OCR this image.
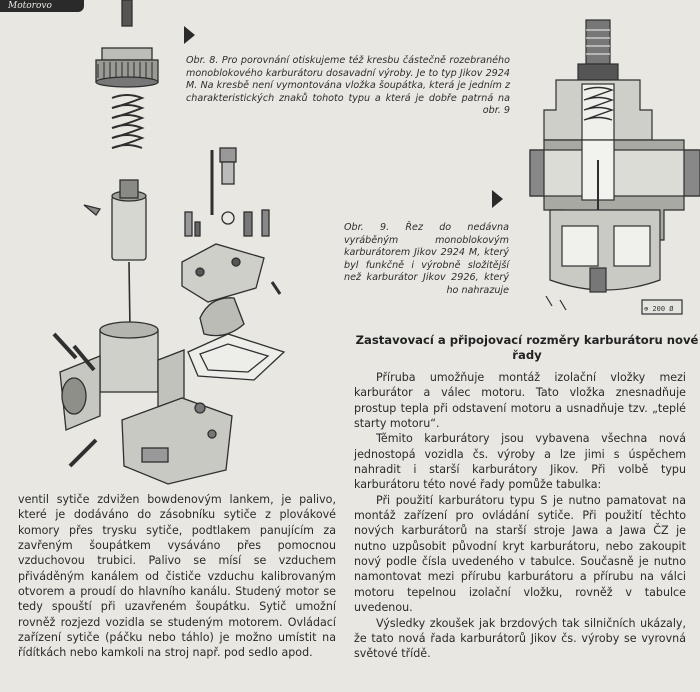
Motorovo
⊕ 200 Ø
Obr. 8. Pro porovnání otiskujeme též kresbu částečně rozebraného monoblokového karburátoru dosavadní výroby. Je to typ Jikov 2924 M. Na kresbě není vymontována vložka šoupátka, která je jedním z charakteristických znaků tohoto typu a která je dobře patrná na obr. 9
Obr. 9. Řez do nedávna vyráběným monoblokovým karburátorem Jikov 2924 M, který byl funkčně i výrobně složitější než karburátor Jikov 2926, který ho nahrazuje
Zastavovací a připojovací rozměry karburátoru nové řady

ventil sytiče zdvižen bowdenovým lankem, je palivo, které je dodáváno do zásobníku sytiče z plovákové komory přes trysku sytiče, podtlakem panujícím za zavřeným šoupátkem vysáváno přes pomocnou vzduchovou trubici. Palivo se mísí se vzduchem přiváděným kanálem od čističe vzduchu kalibrovaným otvorem a proudí do hlavního kanálu. Studený motor se tedy spouští při uzavřeném šoupátku. Sytič umožní rovněž rozjezd vozidla se studeným motorem. Ovládací zařízení sytiče (páčku nebo táhlo) je možno umístit na řídítkách nebo kamkoli na stroj např. pod sedlo apod.

Příruba umožňuje montáž izolační vložky mezi karburátor a válec motoru. Tato vložka znesnadňuje prostup tepla při odstavení motoru a usnadňuje tzv. „teplé starty motoru“.

Těmito karburátory jsou vybavena všechna nová jednostopá vozidla čs. výroby a lze jimi s úspěchem nahradit i starší karburátory Jikov. Při volbě typu karburátoru této nové řady pomůže tabulka:

Při použití karburátoru typu S je nutno pamatovat na montáž zařízení pro ovládání sytiče. Při použití těchto nových karburátorů na starší stroje Jawa a Jawa ČZ je nutno uzpůsobit původní kryt karburátoru, nebo zakoupit nový podle čísla uvedeného v tabulce. Současně je nutno namontovat mezi přírubu karburátoru a přírubu na válci motoru tepelnou izolační vložku, rovněž v tabulce uvedenou.

Výsledky zkoušek jak brzdových tak silničních ukázaly, že tato nová řada karburátorů Jikov čs. výroby se vyrovná světové třídě.
